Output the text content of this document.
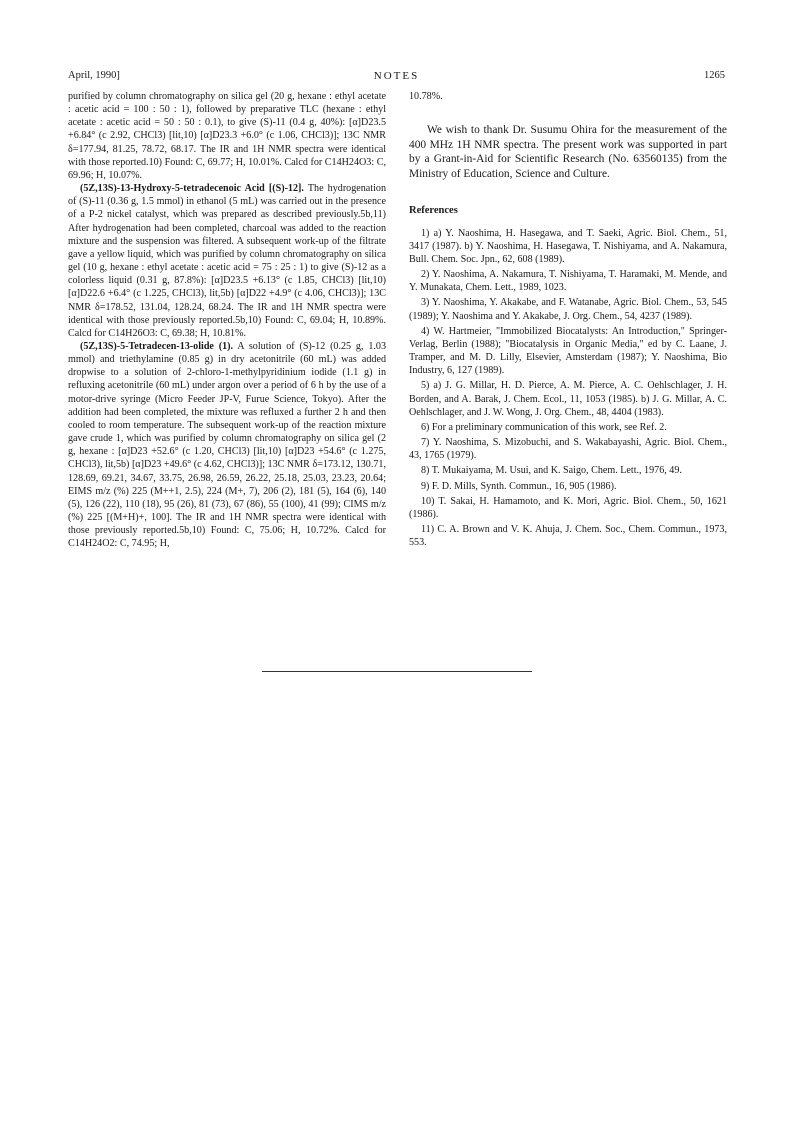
April, 1990]	NOTES	1265

purified by column chromatography on silica gel (20 g, hexane : ethyl acetate : acetic acid = 100 : 50 : 1), followed by preparative TLC (hexane : ethyl acetate : acetic acid = 50 : 50 : 0.1), to give (S)-11 (0.4 g, 40%): [α]D23.5 +6.84° (c 2.92, CHCl3) [lit,10) [α]D23.3 +6.0° (c 1.06, CHCl3)]; 13C NMR δ=177.94, 81.25, 78.72, 68.17. The IR and 1H NMR spectra were identical with those reported.10) Found: C, 69.77; H, 10.01%. Calcd for C14H24O3: C, 69.96; H, 10.07%.

(5Z,13S)-13-Hydroxy-5-tetradecenoic Acid [(S)-12]. The hydrogenation of (S)-11 (0.36 g, 1.5 mmol) in ethanol (5 mL) was carried out in the presence of a P-2 nickel catalyst, which was prepared as described previously.5b,11) After hydrogenation had been completed, charcoal was added to the reaction mixture and the suspension was filtered. A subsequent work-up of the filtrate gave a yellow liquid, which was purified by column chromatography on silica gel (10 g, hexane : ethyl acetate : acetic acid = 75 : 25 : 1) to give (S)-12 as a colorless liquid (0.31 g, 87.8%): [α]D23.5 +6.13° (c 1.85, CHCl3) [lit,10) [α]D22.6 +6.4° (c 1.225, CHCl3), lit,5b) [α]D22 +4.9° (c 4.06, CHCl3)]; 13C NMR δ=178.52, 131.04, 128.24, 68.24. The IR and 1H NMR spectra were identical with those previously reported.5b,10) Found: C, 69.04; H, 10.89%. Calcd for C14H26O3: C, 69.38; H, 10.81%.

(5Z,13S)-5-Tetradecen-13-olide (1). A solution of (S)-12 (0.25 g, 1.03 mmol) and triethylamine (0.85 g) in dry acetonitrile (60 mL) was added dropwise to a solution of 2-chloro-1-methylpyridinium iodide (1.1 g) in refluxing acetonitrile (60 mL) under argon over a period of 6 h by the use of a motor-drive syringe (Micro Feeder JP-V, Furue Science, Tokyo). After the addition had been completed, the mixture was refluxed a further 2 h and then cooled to room temperature. The subsequent work-up of the reaction mixture gave crude 1, which was purified by column chromatography on silica gel (2 g, hexane : [α]D23 +52.6° (c 1.20, CHCl3) [lit,10) [α]D23 +54.6° (c 1.275, CHCl3), lit,5b) [α]D23 +49.6° (c 4.62, CHCl3)]; 13C NMR δ=173.12, 130.71, 128.69, 69.21, 34.67, 33.75, 26.98, 26.59, 26.22, 25.18, 25.03, 23.23, 20.64; EIMS m/z (%) 225 (M++1, 2.5), 224 (M+, 7), 206 (2), 181 (5), 164 (6), 140 (5), 126 (22), 110 (18), 95 (26), 81 (73), 67 (86), 55 (100), 41 (99); CIMS m/z (%) 225 [(M+H)+, 100]. The IR and 1H NMR spectra were identical with those previously reported.5b,10) Found: C, 75.06; H, 10.72%. Calcd for C14H24O2: C, 74.95; H,

10.78%.

We wish to thank Dr. Susumu Ohira for the measurement of the 400 MHz 1H NMR spectra. The present work was supported in part by a Grant-in-Aid for Scientific Research (No. 63560135) from the Ministry of Education, Science and Culture.

References

1) a) Y. Naoshima, H. Hasegawa, and T. Saeki, Agric. Biol. Chem., 51, 3417 (1987). b) Y. Naoshima, H. Hasegawa, T. Nishiyama, and A. Nakamura, Bull. Chem. Soc. Jpn., 62, 608 (1989).

2) Y. Naoshima, A. Nakamura, T. Nishiyama, T. Haramaki, M. Mende, and Y. Munakata, Chem. Lett., 1989, 1023.

3) Y. Naoshima, Y. Akakabe, and F. Watanabe, Agric. Biol. Chem., 53, 545 (1989); Y. Naoshima and Y. Akakabe, J. Org. Chem., 54, 4237 (1989).

4) W. Hartmeier, "Immobilized Biocatalysts: An Introduction," Springer-Verlag, Berlin (1988); "Biocatalysis in Organic Media," ed by C. Laane, J. Tramper, and M. D. Lilly, Elsevier, Amsterdam (1987); Y. Naoshima, Bio Industry, 6, 127 (1989).

5) a) J. G. Millar, H. D. Pierce, A. M. Pierce, A. C. Oehlschlager, J. H. Borden, and A. Barak, J. Chem. Ecol., 11, 1053 (1985). b) J. G. Millar, A. C. Oehlschlager, and J. W. Wong, J. Org. Chem., 48, 4404 (1983).

6) For a preliminary communication of this work, see Ref. 2.

7) Y. Naoshima, S. Mizobuchi, and S. Wakabayashi, Agric. Biol. Chem., 43, 1765 (1979).

8) T. Mukaiyama, M. Usui, and K. Saigo, Chem. Lett., 1976, 49.

9) F. D. Mills, Synth. Commun., 16, 905 (1986).

10) T. Sakai, H. Hamamoto, and K. Mori, Agric. Biol. Chem., 50, 1621 (1986).

11) C. A. Brown and V. K. Ahuja, J. Chem. Soc., Chem. Commun., 1973, 553.
